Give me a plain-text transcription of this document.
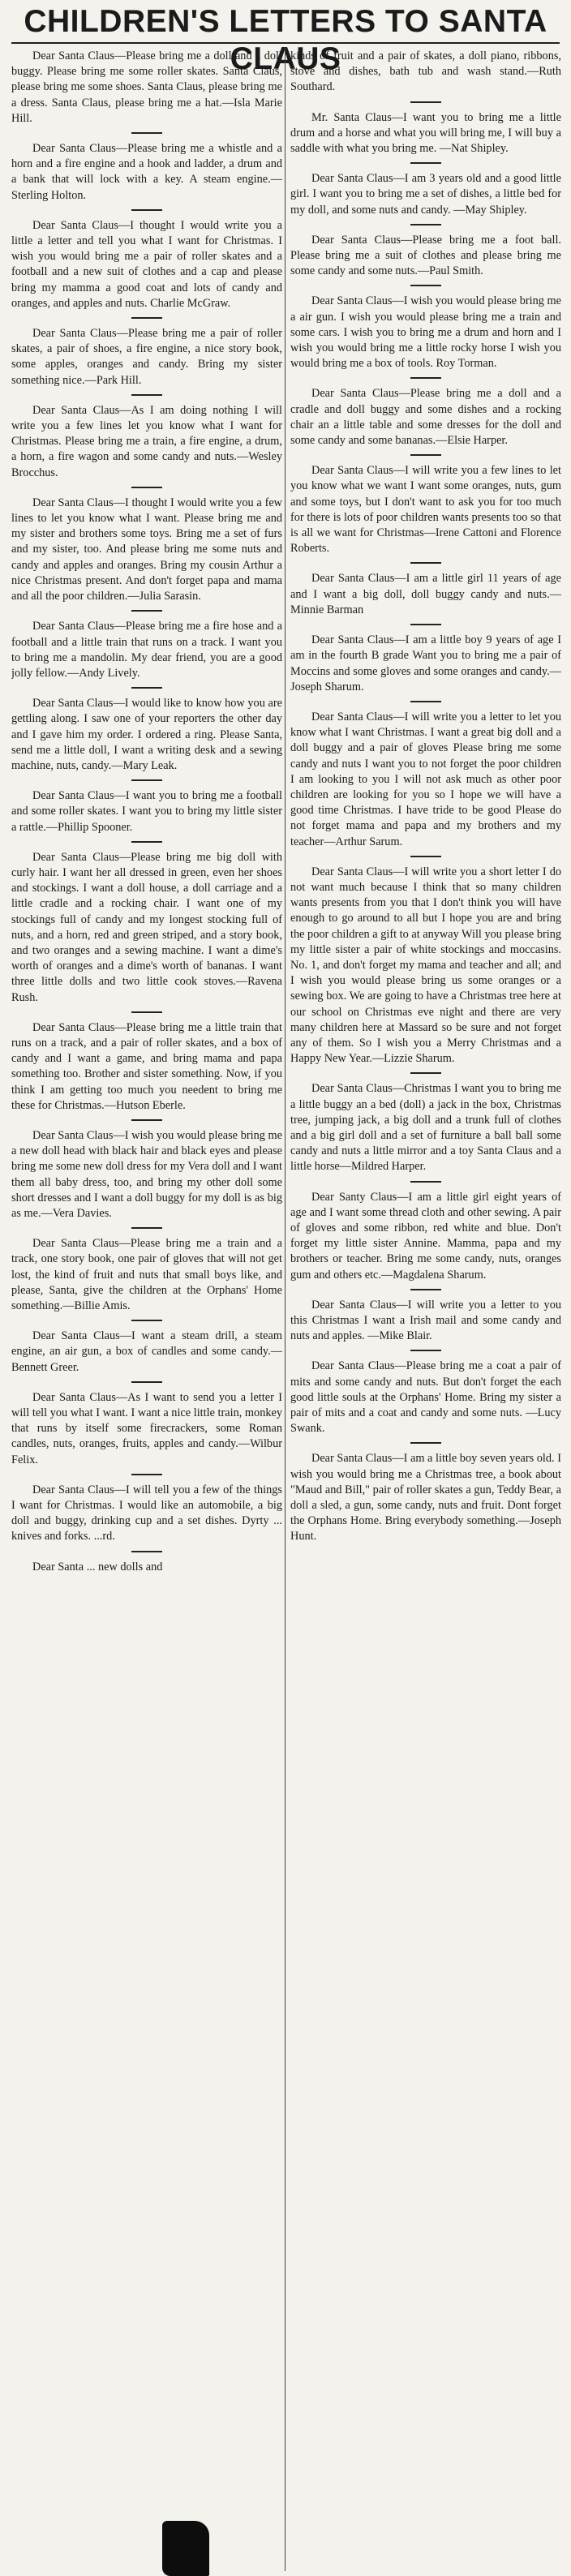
CHILDREN'S LETTERS TO SANTA CLAUS

Dear Santa Claus—Please bring me a doll and a doll buggy. Please bring me some roller skates. Santa Claus, please bring me some shoes. Santa Claus, please bring me a dress. Santa Claus, please bring me a hat.—Isla Marie Hill.

Dear Santa Claus—Please bring me a whistle and a horn and a fire engine and a hook and ladder, a drum and a bank that will lock with a key. A steam engine.—Sterling Holton.

Dear Santa Claus—I thought I would write you a little a letter and tell you what I want for Christmas. I wish you would bring me a pair of roller skates and a football and a new suit of clothes and a cap and please bring my mamma a good coat and lots of candy and oranges, and apples and nuts. Charlie McGraw.

Dear Santa Claus—Please bring me a pair of roller skates, a pair of shoes, a fire engine, a nice story book, some apples, oranges and candy. Bring my sister something nice.—Park Hill.

Dear Santa Claus—As I am doing nothing I will write you a few lines let you know what I want for Christmas. Please bring me a train, a fire engine, a drum, a horn, a fire wagon and some candy and nuts.—Wesley Brocchus.

Dear Santa Claus—I thought I would write you a few lines to let you know what I want. Please bring me and my sister and brothers some toys. Bring me a set of furs and my sister, too. And please bring me some nuts and candy and apples and oranges. Bring my cousin Arthur a nice Christmas present. And don't forget papa and mama and all the poor children.—Julia Sarasin.

Dear Santa Claus—Please bring me a fire hose and a football and a little train that runs on a track. I want you to bring me a mandolin. My dear friend, you are a good jolly fellow.—Andy Lively.

Dear Santa Claus—I would like to know how you are gettling along. I saw one of your reporters the other day and I gave him my order. I ordered a ring. Please Santa, send me a little doll, I want a writing desk and a sewing machine, nuts, candy.—Mary Leak.

Dear Santa Claus—I want you to bring me a football and some roller skates. I want you to bring my little sister a rattle.—Phillip Spooner.

Dear Santa Claus—Please bring me big doll with curly hair. I want her all dressed in green, even her shoes and stockings. I want a doll house, a doll carriage and a little cradle and a rocking chair. I want one of my stockings full of candy and my longest stocking full of nuts, and a horn, red and green striped, and a story book, and two oranges and a sewing machine. I want a dime's worth of oranges and a dime's worth of bananas. I want three little dolls and two little cook stoves.—Ravena Rush.

Dear Santa Claus—Please bring me a little train that runs on a track, and a pair of roller skates, and a box of candy and I want a game, and bring mama and papa something too. Brother and sister something. Now, if you think I am getting too much you needent to bring me these for Christmas.—Hutson Eberle.

Dear Santa Claus—I wish you would please bring me a new doll head with black hair and black eyes and please bring me some new doll dress for my Vera doll and I want them all baby dress, too, and bring my other doll some short dresses and I want a doll buggy for my doll is as big as me.—Vera Davies.

Dear Santa Claus—Please bring me a train and a track, one story book, one pair of gloves that will not get lost, the kind of fruit and nuts that small boys like, and please, Santa, give the children at the Orphans' Home something.—Billie Amis.

Dear Santa Claus—I want a steam drill, a steam engine, an air gun, a box of candles and some candy.—Bennett Greer.

Dear Santa Claus—As I want to send you a letter I will tell you what I want. I want a nice little train, monkey that runs by itself some firecrackers, some Roman candles, nuts, oranges, fruits, apples and candy.—Wilbur Felix.

Dear Santa Claus—I will tell you a few of the things I want for Christmas. I would like an automobile, a big doll and buggy, drinking cup and a set dishes. Dyrty ... knives and forks. ...rd.

Dear Santa ... new dolls and

kinds of fruit and a pair of skates, a doll piano, ribbons, stove and dishes, bath tub and wash stand.—Ruth Southard.

Mr. Santa Claus—I want you to bring me a little drum and a horse and what you will bring me, I will buy a saddle with what you bring me. —Nat Shipley.

Dear Santa Claus—I am 3 years old and a good little girl. I want you to bring me a set of dishes, a little bed for my doll, and some nuts and candy. —May Shipley.

Dear Santa Claus—Please bring me a foot ball. Please bring me a suit of clothes and please bring me some candy and some nuts.—Paul Smith.

Dear Santa Claus—I wish you would please bring me a air gun. I wish you would please bring me a train and some cars. I wish you to bring me a drum and horn and I wish you would bring me a little rocky horse I wish you would bring me a box of tools. Roy Torman.

Dear Santa Claus—Please bring me a doll and a cradle and doll buggy and some dishes and a rocking chair an a little table and some dresses for the doll and some candy and some bananas.—Elsie Harper.

Dear Santa Claus—I will write you a few lines to let you know what we want I want some oranges, nuts, gum and some toys, but I don't want to ask you for too much for there is lots of poor children wants presents too so that is all we want for Christmas—Irene Cattoni and Florence Roberts.

Dear Santa Claus—I am a little girl 11 years of age and I want a big doll, doll buggy candy and nuts.—Minnie Barman

Dear Santa Claus—I am a little boy 9 years of age I am in the fourth B grade Want you to bring me a pair of Moccins and some gloves and some oranges and candy.—Joseph Sharum.

Dear Santa Claus—I will write you a letter to let you know what I want Christmas. I want a great big doll and a doll buggy and a pair of gloves Please bring me some candy and nuts I want you to not forget the poor children I am looking to you I will not ask much as other poor children are looking for you so I hope we will have a good time Christmas. I have tride to be good Please do not forget mama and papa and my brothers and my teacher—Arthur Sarum.

Dear Santa Claus—I will write you a short letter I do not want much because I think that so many children wants presents from you that I don't think you will have enough to go around to all but I hope you are and bring the poor children a gift to at anyway Will you please bring my little sister a pair of white stockings and moccasins. No. 1, and don't forget my mama and teacher and all; and I wish you would please bring us some oranges or a sewing box. We are going to have a Christmas tree here at our school on Christmas eve night and there are very many children here at Massard so be sure and not forget any of them. So I wish you a Merry Christmas and a Happy New Year.—Lizzie Sharum.

Dear Santa Claus—Christmas I want you to bring me a little buggy an a bed (doll) a jack in the box, Christmas tree, jumping jack, a big doll and a trunk full of clothes and a big girl doll and a set of furniture a ball ball some candy and nuts a little mirror and a toy Santa Claus and a little horse—Mildred Harper.

Dear Santy Claus—I am a little girl eight years of age and I want some thread cloth and other sewing. A pair of gloves and some ribbon, red white and blue. Don't forget my little sister Annine. Mamma, papa and my brothers or teacher. Bring me some candy, nuts, oranges gum and others etc.—Magdalena Sharum.

Dear Santa Claus—I will write you a letter to you this Christmas I want a Irish mail and some candy and nuts and apples. —Mike Blair.

Dear Santa Claus—Please bring me a coat a pair of mits and some candy and nuts. But don't forget the each good little souls at the Orphans' Home. Bring my sister a pair of mits and a coat and candy and some nuts. —Lucy Swank.

Dear Santa Claus—I am a little boy seven years old. I wish you would bring me a Christmas tree, a book about "Maud and Bill," pair of roller skates a gun, Teddy Bear, a doll a sled, a gun, some candy, nuts and fruit. Dont forget the Orphans Home. Bring everybody something.—Joseph Hunt.
